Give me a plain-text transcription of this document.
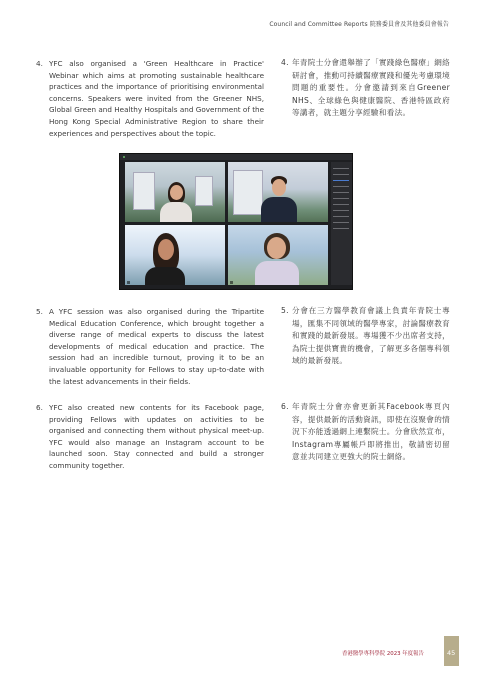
Council and Committee Reports 院務委員會及其他委員會報告
4. YFC also organised a 'Green Healthcare in Practice' Webinar which aims at promoting sustainable healthcare practices and the importance of prioritising environmental concerns. Speakers were invited from the Greener NHS, Global Green and Healthy Hospitals and Government of the Hong Kong Special Administrative Region to share their experiences and perspectives about the topic.
4. 年青院士分會還舉辦了「實踐綠色醫療」網絡研討會，推動可持續醫療實踐和優先考慮環境問題的重要性。分會邀請到來自Greener NHS、全球綠色與健康醫院、香港特區政府等講者，就主題分享經驗和看法。

5. A YFC session was also organised during the Tripartite Medical Education Conference, which brought together a diverse range of medical experts to discuss the latest developments of medical education and practice. The session had an incredible turnout, proving it to be an invaluable opportunity for Fellows to stay up-to-date with the latest advancements in their fields.
5. 分會在三方醫學教育會議上負責年青院士專場，匯集不同領域的醫學專家，討論醫療教育和實踐的最新發展。專場獲不少出席者支持，為院士提供寶貴的機會，了解更多各個專科領域的最新發展。
6. YFC also created new contents for its Facebook page, providing Fellows with updates on activities to be organised and connecting them without physical meet-up. YFC would also manage an Instagram account to be launched soon. Stay connected and build a stronger community together.
6. 年青院士分會亦會更新其Facebook專頁內容，提供最新的活動資訊，即使在沒聚會的情況下亦能透過網上連繫院士。分會欣然宣布，Instagram專屬帳戶即將推出，敬請密切留意並共同建立更強大的院士網絡。
香港醫學專科學院 2023 年度報告	45
